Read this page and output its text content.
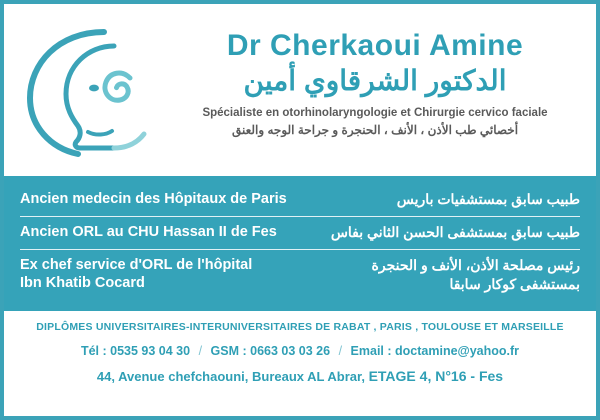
Dr Cherkaoui Amine
الدكتور الشرقاوي أمين
Spécialiste en otorhinolaryngologie et Chirurgie cervico faciale
أخصائي طب الأذن ، الأنف ، الحنجرة و جراحة الوجه والعنق
Ancien medecin des Hôpitaux de Paris	طبيب سابق بمستشفيات باريس
Ancien ORL au CHU Hassan II de Fes	طبيب سابق بمستشفى الحسن الثاني بفاس
Ex chef service d'ORL de l'hôpital
Ibn Khatib Cocard
رئيس مصلحة الأذن، الأنف و الحنجرة
بمستشفى كوكار سابقا
DIPLÔMES UNIVERSITAIRES-INTERUNIVERSITAIRES DE RABAT , PARIS , TOULOUSE ET MARSEILLE
Tél : 0535 93 04 30 / GSM : 0663 03 03 26 / Email : doctamine@yahoo.fr
44, Avenue chefchaouni, Bureaux AL Abrar, ETAGE 4, N°16 - Fes
